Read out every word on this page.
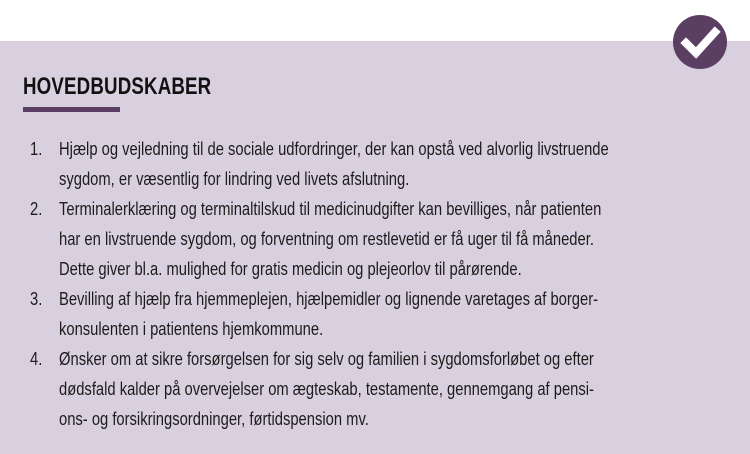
HOVEDBUDSKABER
1. Hjælp og vejledning til de sociale udfordringer, der kan opstå ved alvorlig livstruende
sygdom, er væsentlig for lindring ved livets afslutning.
2. Terminalerklæring og terminaltilskud til medicinudgifter kan bevilliges, når patienten
har en livstruende sygdom, og forventning om restlevetid er få uger til få måneder.
Dette giver bl.a. mulighed for gratis medicin og plejeorlov til pårørende.
3. Bevilling af hjælp fra hjemmeplejen, hjælpemidler og lignende varetages af borger-
konsulenten i patientens hjemkommune.
4. Ønsker om at sikre forsørgelsen for sig selv og familien i sygdomsforløbet og efter
dødsfald kalder på overvejelser om ægteskab, testamente, gennemgang af pensi-
ons- og forsikringsordninger, førtidspension mv.
